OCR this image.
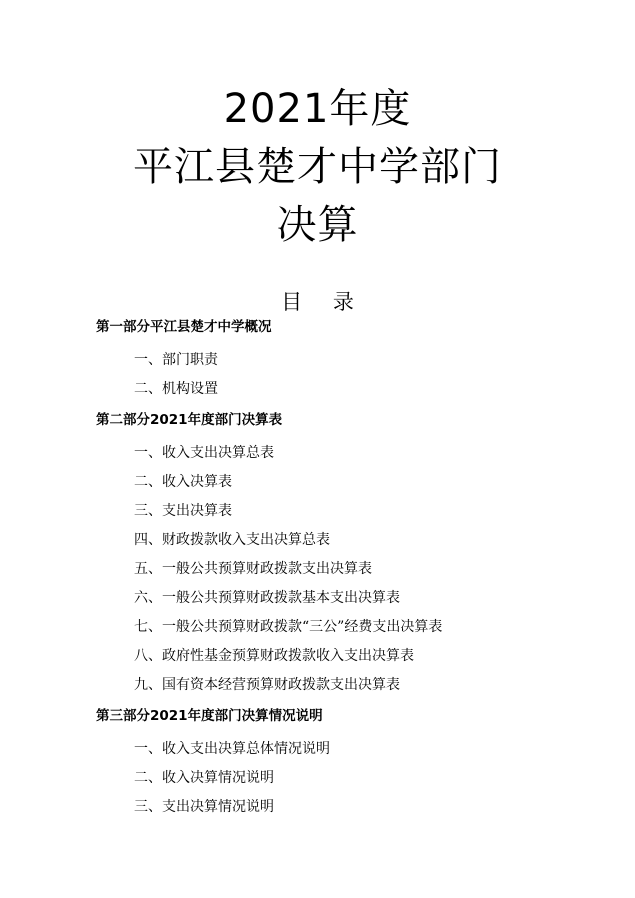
2021年度
平江县楚才中学部门
决算
目 录
第一部分平江县楚才中学概况
一、部门职责
二、机构设置
第二部分2021年度部门决算表
一、收入支出决算总表
二、收入决算表
三、支出决算表
四、财政拨款收入支出决算总表
五、一般公共预算财政拨款支出决算表
六、一般公共预算财政拨款基本支出决算表
七、一般公共预算财政拨款“三公”经费支出决算表
八、政府性基金预算财政拨款收入支出决算表
九、国有资本经营预算财政拨款支出决算表
第三部分2021年度部门决算情况说明
一、收入支出决算总体情况说明
二、收入决算情况说明
三、支出决算情况说明
